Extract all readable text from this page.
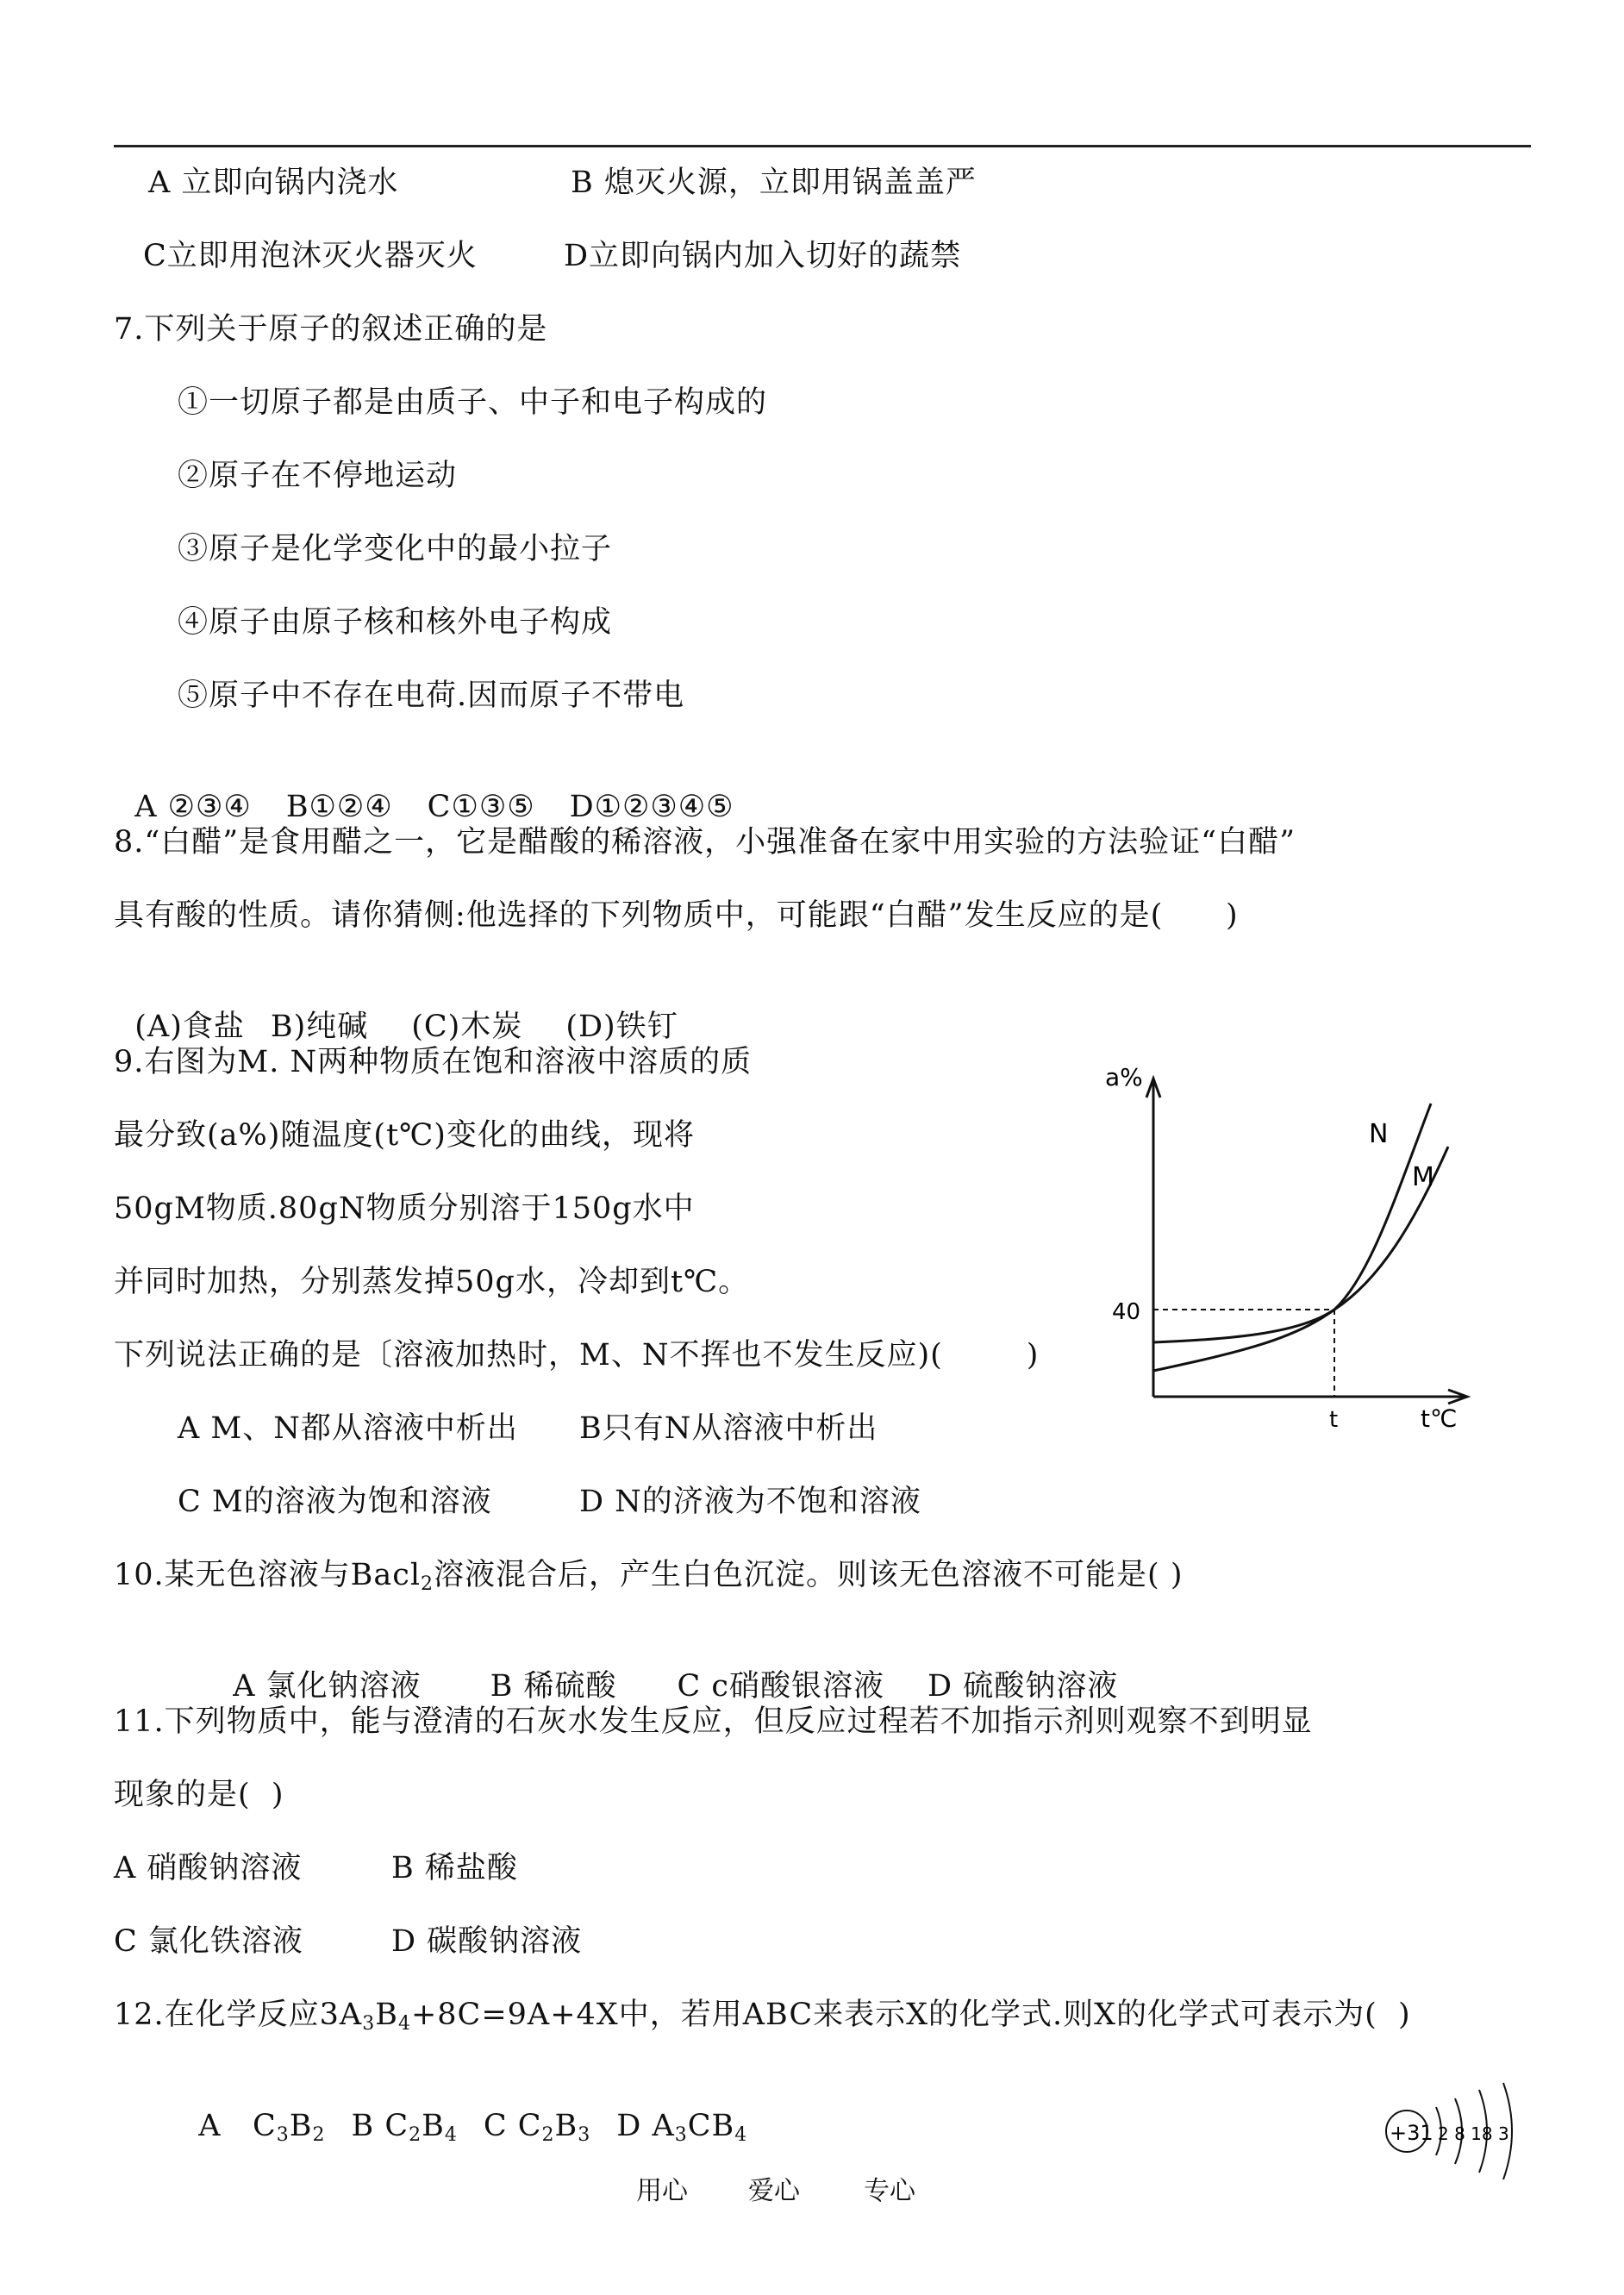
A 立即向锅内浇水	B 熄灭火源，立即用锅盖盖严
C立即用泡沐灭火器灭火	D立即向锅内加入切好的蔬禁
7.下列关于原子的叙述正确的是
①一切原子都是由质子、中子和电子构成的
②原子在不停地运动
③原子是化学变化中的最小拉子
④原子由原子核和核外电子构成
⑤原子中不存在电荷.因而原子不带电

A ②③④ B①②④ C①③⑤ D①②③④⑤

8.“白醋”是食用醋之一，它是醋酸的稀溶液，小强准备在家中用实验的方法验证“白醋”
具有酸的性质。请你猜侧:他选择的下列物质中，可能跟“白醋”发生反应的是(      )

(A)食盐 B)纯碱 (C)木炭 (D)铁钉

9.右图为M. N两种物质在饱和溶液中溶质的质
最分致(a%)随温度(t℃)变化的曲线，现将
50gM物质.80gN物质分别溶于150g水中
并同时加热，分别蒸发掉50g水，冷却到t℃。
下列说法正确的是〔溶液加热时，M、N不挥也不发生反应)(        )
A M、N都从溶液中析出 B只有N从溶液中析出
C M的溶液为饱和溶液	D N的济液为不饱和溶液
a%
40
t	t℃
N
M
10.某无色溶液与Bacl$_2$溶液混合后，产生白色沉淀。则该无色溶液不可能是( )

A 氯化钠溶液 B 稀硫酸 C c硝酸银溶液 D 硫酸钠溶液

11.下列物质中，能与澄清的石灰水发生反应，但反应过程若不加指示剂则观察不到明显
现象的是(  )
A 硝酸钠溶液	B 稀盐酸
C 氯化铁溶液	D 碳酸钠溶液
12.在化学反应$3A_3B_4+8C=9A+4X$中，若用ABC来表示X的化学式.则X的化学式可表示为(  )

A $C_3B_2$ B $C_2B_4$ C $C_2B_3$ D $A_3CB_4$	+31 2 8 18 3
用心 爱心 专心
